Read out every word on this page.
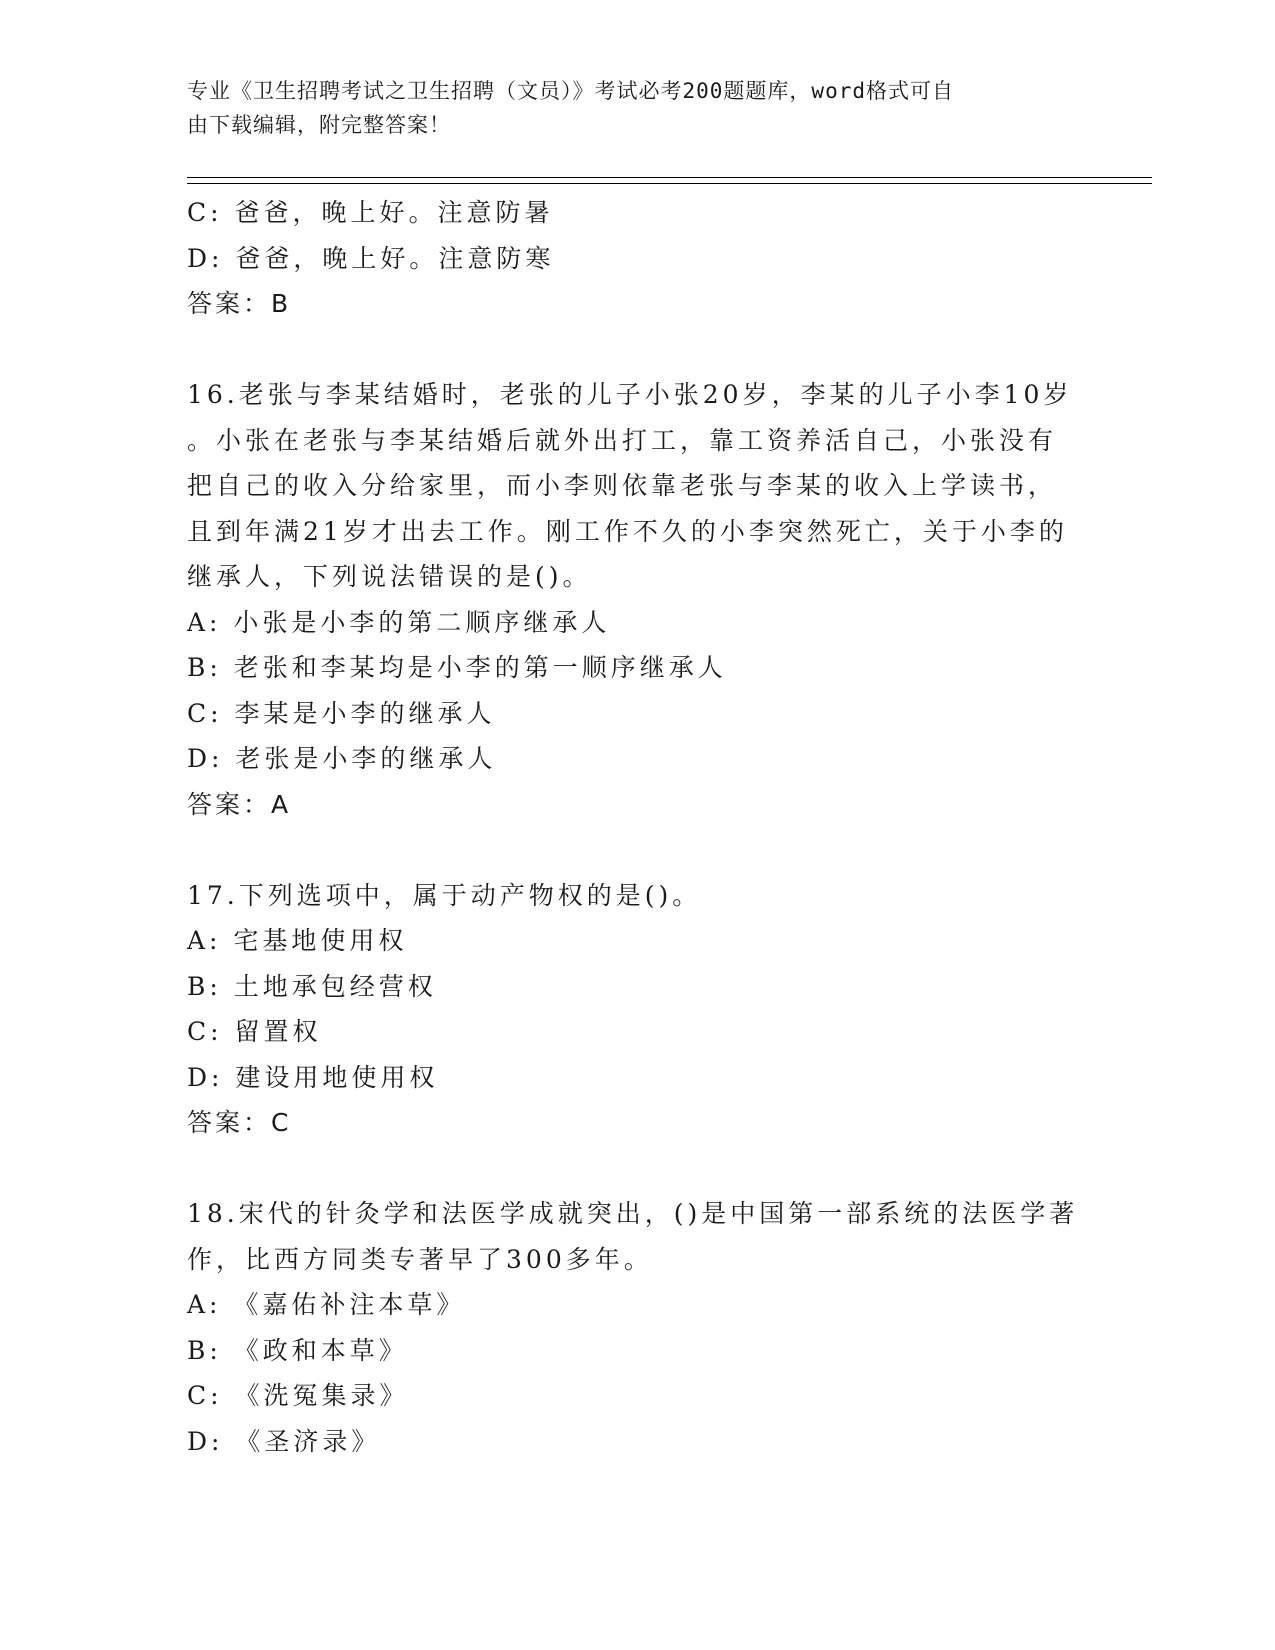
专业《卫生招聘考试之卫生招聘（文员）》考试必考200题题库，word格式可自
由下载编辑，附完整答案！
C: 爸爸，晚上好。注意防暑
D: 爸爸，晚上好。注意防寒
答案：B
16.老张与李某结婚时，老张的儿子小张20岁，李某的儿子小李10岁
。小张在老张与李某结婚后就外出打工，靠工资养活自己，小张没有
把自己的收入分给家里，而小李则依靠老张与李某的收入上学读书，
且到年满21岁才出去工作。刚工作不久的小李突然死亡，关于小李的
继承人，下列说法错误的是()。
A: 小张是小李的第二顺序继承人
B: 老张和李某均是小李的第一顺序继承人
C: 李某是小李的继承人
D: 老张是小李的继承人
答案：A
17.下列选项中，属于动产物权的是()。
A: 宅基地使用权
B: 土地承包经营权
C: 留置权
D: 建设用地使用权
答案：C
18.宋代的针灸学和法医学成就突出，()是中国第一部系统的法医学著
作，比西方同类专著早了300多年。
A: 《嘉佑补注本草》
B: 《政和本草》
C: 《洗冤集录》
D: 《圣济录》
